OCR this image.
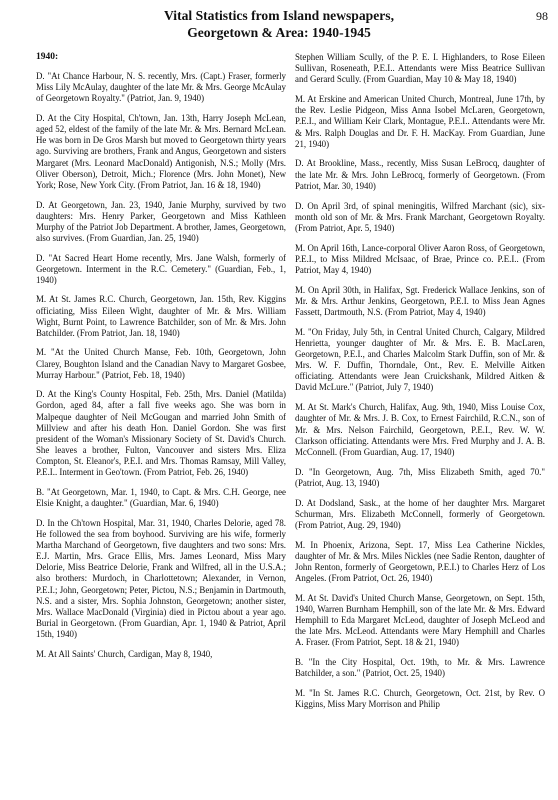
Vital Statistics from Island newspapers,
Georgetown & Area: 1940-1945
98
1940:

D. "At Chance Harbour, N. S. recently, Mrs. (Capt.) Fraser, formerly Miss Lily McAulay, daughter of the late Mr. & Mrs. George McAulay of Georgetown Royalty." (Patriot, Jan. 9, 1940)

D. At the City Hospital, Ch'town, Jan. 13th, Harry Joseph McLean, aged 52, eldest of the family of the late Mr. & Mrs. Bernard McLean. He was born in De Gros Marsh but moved to Georgetown thirty years ago. Surviving are brothers, Frank and Angus, Georgetown and sisters Margaret (Mrs. Leonard MacDonald) Antigonish, N.S.; Molly (Mrs. Oliver Oberson), Detroit, Mich.; Florence (Mrs. John Monet), New York; Rose, New York City. (From Patriot, Jan. 16 & 18, 1940)

D. At Georgetown, Jan. 23, 1940, Janie Murphy, survived by two daughters: Mrs. Henry Parker, Georgetown and Miss Kathleen Murphy of the Patriot Job Department. A brother, James, Georgetown, also survives. (From Guardian, Jan. 25, 1940)

D. "At Sacred Heart Home recently, Mrs. Jane Walsh, formerly of Georgetown. Interment in the R.C. Cemetery." (Guardian, Feb., 1, 1940)

M. At St. James R.C. Church, Georgetown, Jan. 15th, Rev. Kiggins officiating, Miss Eileen Wight, daughter of Mr. & Mrs. William Wight, Burnt Point, to Lawrence Batchilder, son of Mr. & Mrs. John Batchilder. (From Patriot, Jan. 18, 1940)

M. "At the United Church Manse, Feb. 10th, Georgetown, John Clarey, Boughton Island and the Canadian Navy to Margaret Gosbee, Murray Harbour." (Patriot, Feb. 18, 1940)

D. At the King's County Hospital, Feb. 25th, Mrs. Daniel (Matilda) Gordon, aged 84, after a fall five weeks ago. She was born in Malpeque daughter of Neil McGougan and married John Smith of Millview and after his death Hon. Daniel Gordon. She was first president of the Woman's Missionary Society of St. David's Church. She leaves a brother, Fulton, Vancouver and sisters Mrs. Eliza Compton, St. Eleanor's, P.E.I. and Mrs. Thomas Ramsay, Mill Valley, P.E.I.. Interment in Geo'town. (From Patriot, Feb. 26, 1940)

B. "At Georgetown, Mar. 1, 1940, to Capt. & Mrs. C.H. George, nee Elsie Knight, a daughter." (Guardian, Mar. 6, 1940)

D. In the Ch'town Hospital, Mar. 31, 1940, Charles Delorie, aged 78. He followed the sea from boyhood. Surviving are his wife, formerly Martha Marchand of Georgetown, five daughters and two sons: Mrs. E.J. Martin, Mrs. Grace Ellis, Mrs. James Leonard, Miss Mary Delorie, Miss Beatrice Delorie, Frank and Wilfred, all in the U.S.A.; also brothers: Murdoch, in Charlottetown; Alexander, in Vernon, P.E.I.; John, Georgetown; Peter, Pictou, N.S.; Benjamin in Dartmouth, N.S. and a sister, Mrs. Sophia Johnston, Georgetown; another sister, Mrs. Wallace MacDonald (Virginia) died in Pictou about a year ago. Burial in Georgetown. (From Guardian, Apr. 1, 1940 & Patriot, April 15th, 1940)

M. At All Saints' Church, Cardigan, May 8, 1940,

Stephen William Scully, of the P. E. I. Highlanders, to Rose Eileen Sullivan, Roseneath, P.E.I.. Attendants were Miss Beatrice Sullivan and Gerard Scully. (From Guardian, May 10 & May 18, 1940)

M. At Erskine and American United Church, Montreal, June 17th, by the Rev. Leslie Pidgeon, Miss Anna Isobel McLaren, Georgetown, P.E.I., and William Keir Clark, Montague, P.E.I.. Attendants were Mr. & Mrs. Ralph Douglas and Dr. F. H. MacKay. From Guardian, June 21, 1940)

D. At Brookline, Mass., recently, Miss Susan LeBrocq, daughter of the late Mr. & Mrs. John LeBrocq, formerly of Georgetown. (From Patriot, Mar. 30, 1940)

D. On April 3rd, of spinal meningitis, Wilfred Marchant (sic), six-month old son of Mr. & Mrs. Frank Marchant, Georgetown Royalty. (From Patriot, Apr. 5, 1940)

M. On April 16th, Lance-corporal Oliver Aaron Ross, of Georgetown, P.E.I., to Miss Mildred McIsaac, of Brae, Prince co. P.E.I.. (From Patriot, May 4, 1940)

M. On April 30th, in Halifax, Sgt. Frederick Wallace Jenkins, son of Mr. & Mrs. Arthur Jenkins, Georgetown, P.E.I. to Miss Jean Agnes Fassett, Dartmouth, N.S. (From Patriot, May 4, 1940)

M. "On Friday, July 5th, in Central United Church, Calgary, Mildred Henrietta, younger daughter of Mr. & Mrs. E. B. MacLaren, Georgetown, P.E.I., and Charles Malcolm Stark Duffin, son of Mr. & Mrs. W. F. Duffin, Thorndale, Ont., Rev. E. Melville Aitken officiating. Attendants were Jean Cruickshank, Mildred Aitken & David McLure." (Patriot, July 7, 1940)

M. At St. Mark's Church, Halifax, Aug. 9th, 1940, Miss Louise Cox, daughter of Mr. & Mrs. J. B. Cox, to Ernest Fairchild, R.C.N., son of Mr. & Mrs. Nelson Fairchild, Georgetown, P.E.I., Rev. W. W. Clarkson officiating. Attendants were Mrs. Fred Murphy and J. A. B. McConnell. (From Guardian, Aug. 17, 1940)

D. "In Georgetown, Aug. 7th, Miss Elizabeth Smith, aged 70." (Patriot, Aug. 13, 1940)

D. At Dodsland, Sask., at the home of her daughter Mrs. Margaret Schurman, Mrs. Elizabeth McConnell, formerly of Georgetown. (From Patriot, Aug. 29, 1940)

M. In Phoenix, Arizona, Sept. 17, Miss Lea Catherine Nickles, daughter of Mr. & Mrs. Miles Nickles (nee Sadie Renton, daughter of John Renton, formerly of Georgetown, P.E.I.) to Charles Herz of Los Angeles. (From Patriot, Oct. 26, 1940)

M. At St. David's United Church Manse, Georgetown, on Sept. 15th, 1940, Warren Burnham Hemphill, son of the late Mr. & Mrs. Edward Hemphill to Eda Margaret McLeod, daughter of Joseph McLeod and the late Mrs. McLeod. Attendants were Mary Hemphill and Charles A. Fraser. (From Patriot, Sept. 18 & 21, 1940)

B. "In the City Hospital, Oct. 19th, to Mr. & Mrs. Lawrence Batchilder, a son." (Patriot, Oct. 25, 1940)

M. "In St. James R.C. Church, Georgetown, Oct. 21st, by Rev. O Kiggins, Miss Mary Morrison and Philip
